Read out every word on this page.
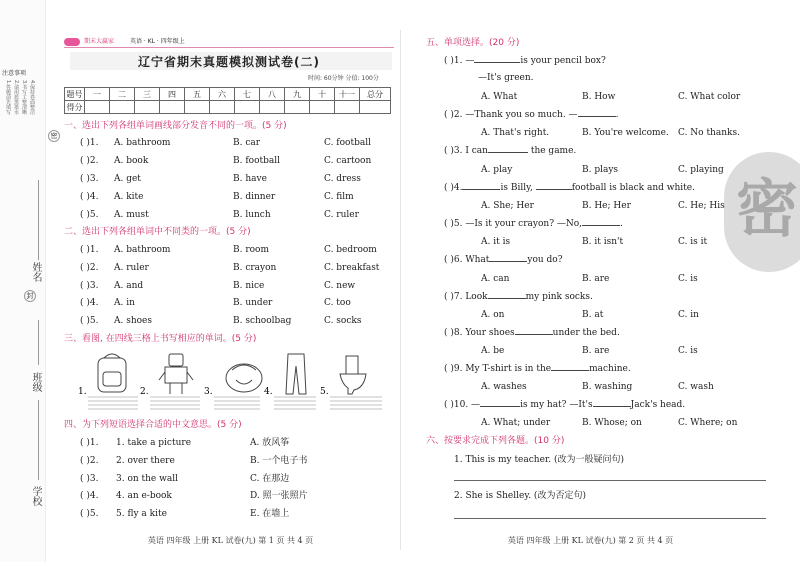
注意事项
1.答题前先填写 2.请用蓝黑墨水 3.书写工整清晰 4.保持卷面整洁
密
姓名
封
班级
学校
期末大赢家	英语 · KL · 四年级上
辽宁省期末真题模拟测试卷(二)
时间: 60分钟 分值: 100分
题号	一	二	三	四	五	六	七	八	九	十	十一	总分
得分												
一、选出下列各组单词画线部分发音不同的一项。(5 分)
( )1. A. bathroom	B. car	C. football
( )2. A. book	B. football	C. cartoon
( )3. A. get	B. have	C. dress
( )4. A. kite	B. dinner	C. film
( )5. A. must	B. lunch	C. ruler
二、选出下列各组单词中不同类的一项。(5 分)
( )1. A. bathroom	B. room	C. bedroom
( )2. A. ruler	B. crayon	C. breakfast
( )3. A. and	B. nice	C. new
( )4. A. in	B. under	C. too
( )5. A. shoes	B. schoolbag	C. socks
三、看图, 在四线三格上书写相应的单词。(5 分)
1.	2.	3.	4.	5.
四、为下列短语选择合适的中文意思。(5 分)
( )1. 1. take a picture	A. 放风筝
( )2. 2. over there	B. 一个电子书
( )3. 3. on the wall	C. 在那边
( )4. 4. an e-book	D. 照一张照片
( )5. 5. fly a kite	E. 在墙上
英语 四年级 上册 KL 试卷(九) 第 1 页 共 4 页
密
五、单项选择。(20 分)
( )1. —	is your pencil box?
—It's green.
A. What	B. How	C. What color
( )2. —Thank you so much. —	.
A. That's right.	B. You're welcome. C. No thanks.
( )3. I can	the game.
A. play	B. plays	C. playing
( )4.	is Billy,	football is black and white.
A. She; Her	B. He; Her	C. He; His
( )5. —Is it your crayon? —No,	.
A. it is	B. it isn't	C. is it
( )6. What	you do?
A. can	B. are	C. is
( )7. Look	my pink socks.
A. on	B. at	C. in
( )8. Your shoes	under the bed.
A. be	B. are	C. is
( )9. My T-shirt is in the	machine.
A. washes	B. washing	C. wash
( )10. —	is my hat? —It's	Jack's head.
A. What; under	B. Whose; on	C. Where; on
六、按要求完成下列各题。(10 分)
1. This is my teacher. (改为一般疑问句)
2. She is Shelley. (改为否定句)
英语 四年级 上册 KL 试卷(九) 第 2 页 共 4 页
